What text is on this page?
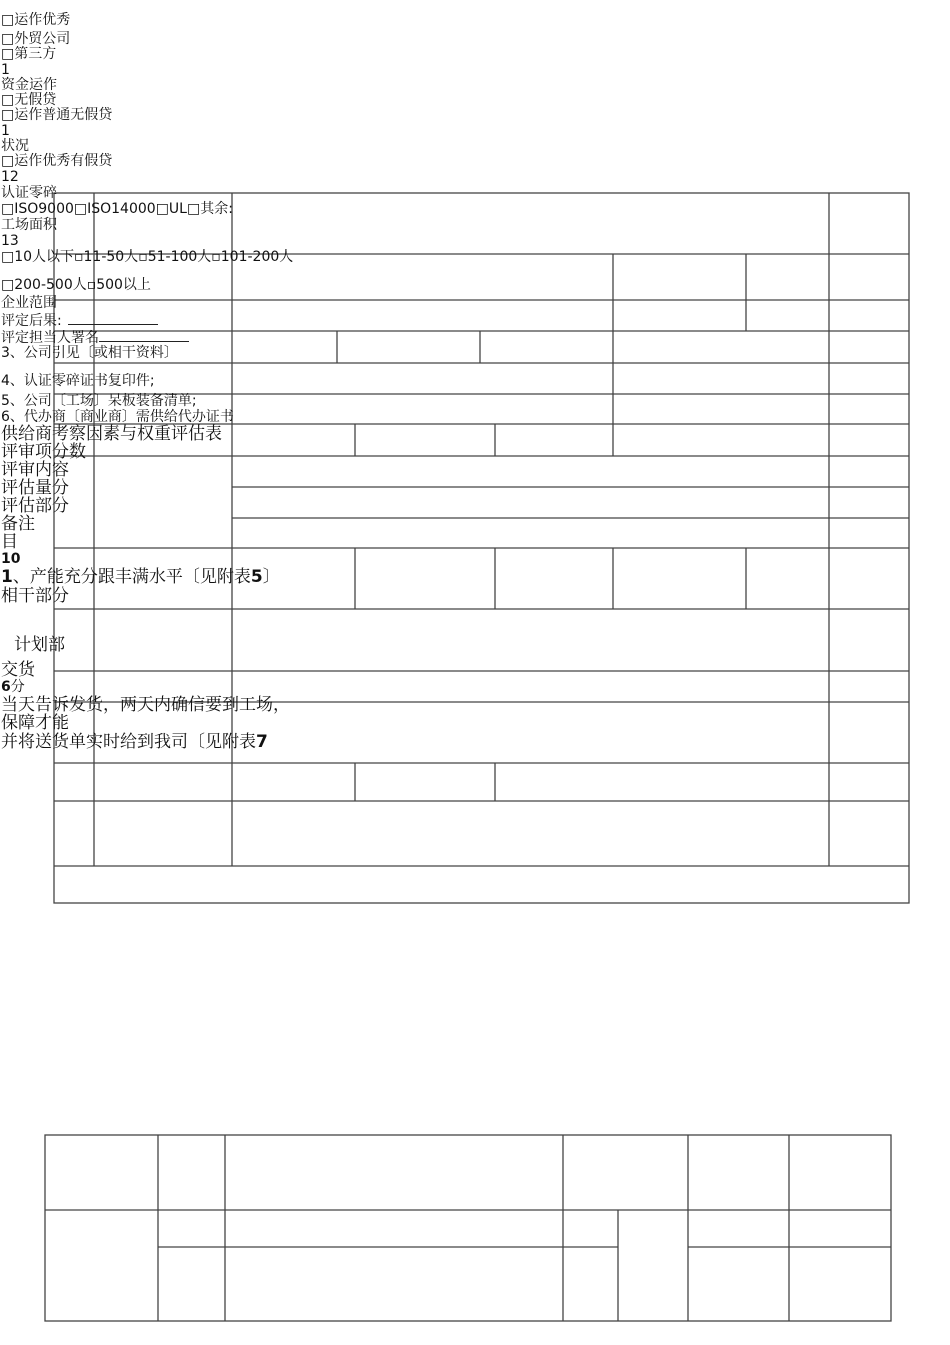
□运作优秀
□外贸公司
□第三方
1
资金运作
□无假贷
□运作普通无假贷
1
状况
□运作优秀有假贷
12
认证零碎
□ISO9000□ISO14000□UL□其余:
工场面积
13
□10人以下▫11-50人▫51-100人▫101-200人
□200-500人▫500以上
企业范围
评定后果:
评定担当人署名
3、公司引见〔或相干资料〕
4、认证零碎证书复印件;
5、公司〔工场〕呆板装备清单;
6、代办商〔商业商〕需供给代办证书
供给商考察因素与权重评估表
评审项分数
评审内容
评估量分
评估部分
备注
目
10
1、产能充分跟丰满水平〔见附表5〕
相干部分
计划部
交货
6分
当天告诉发货，两天内确信要到工场，
保障才能
并将送货单实时给到我司〔见附表7
